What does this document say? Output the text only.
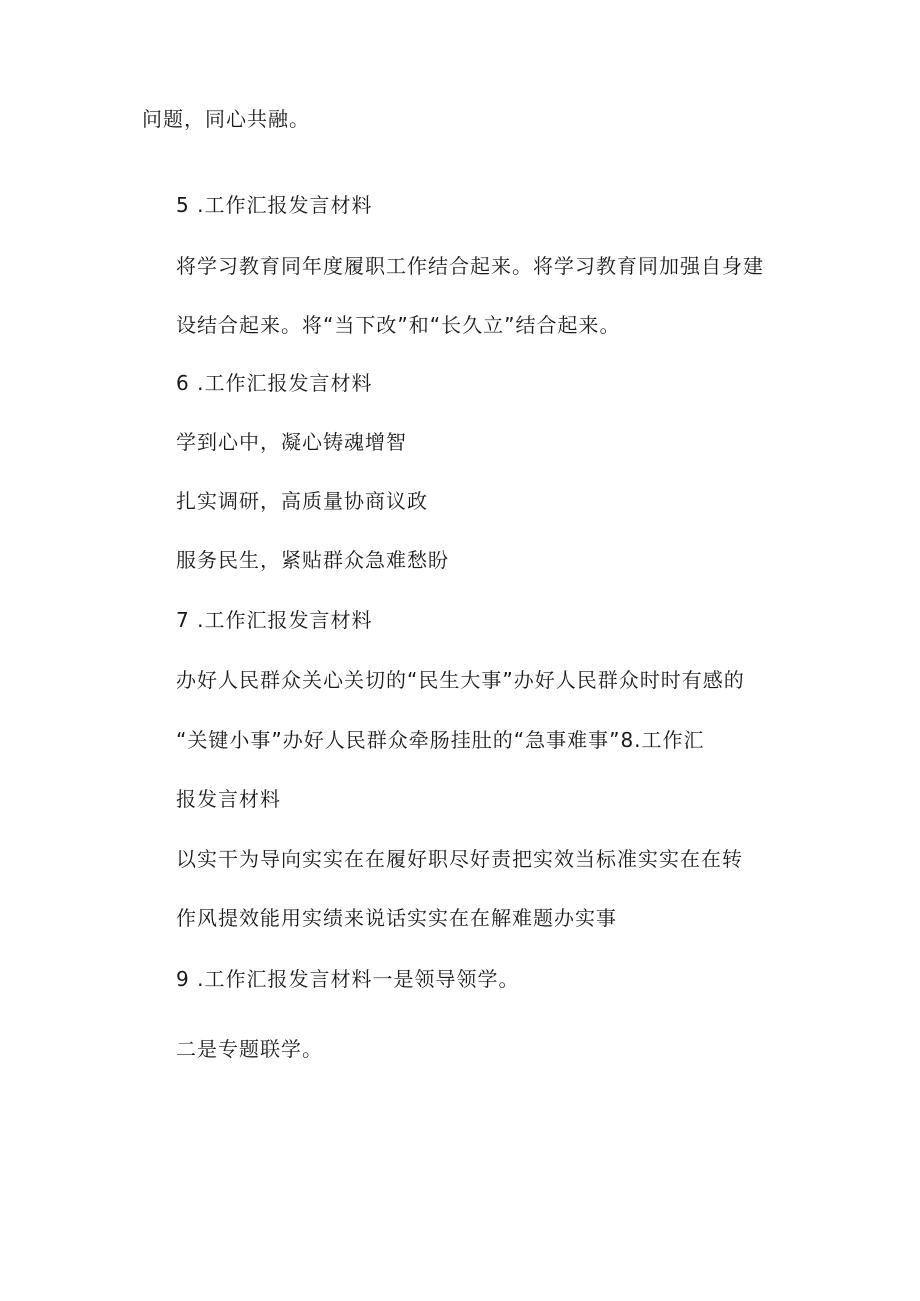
问题，同心共融。
5 .工作汇报发言材料
将学习教育同年度履职工作结合起来。将学习教育同加强自身建
设结合起来。将“当下改”和“长久立”结合起来。
6 .工作汇报发言材料
学到心中，凝心铸魂增智
扎实调研，高质量协商议政
服务民生，紧贴群众急难愁盼
7 .工作汇报发言材料
办好人民群众关心关切的“民生大事”办好人民群众时时有感的
“关键小事”办好人民群众牵肠挂肚的“急事难事”8.工作汇
报发言材料
以实干为导向实实在在履好职尽好责把实效当标准实实在在转
作风提效能用实绩来说话实实在在解难题办实事
9 .工作汇报发言材料一是领导领学。
二是专题联学。
